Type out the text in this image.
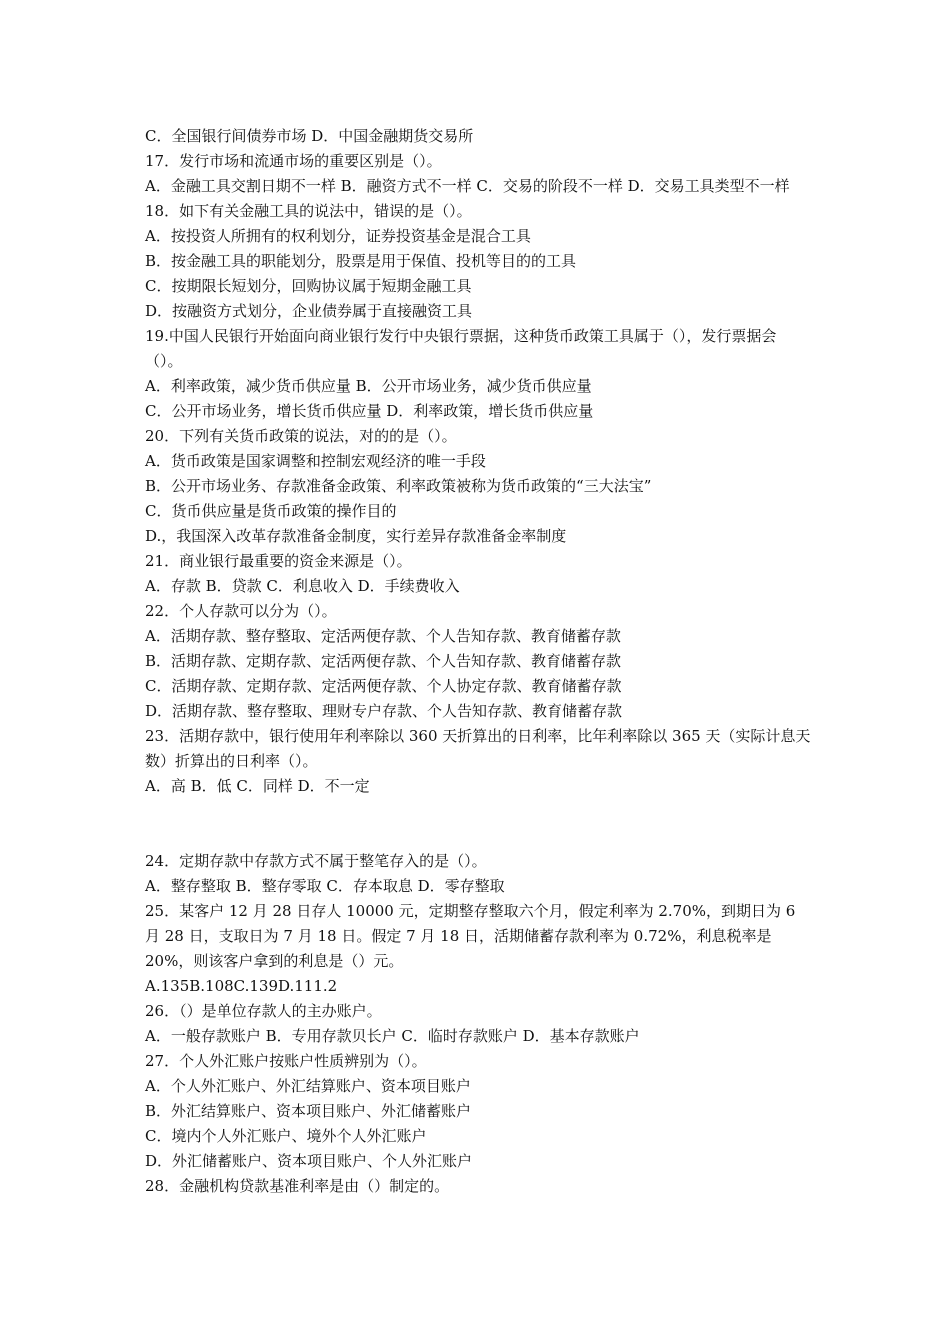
C．全国银行间债券市场 D．中国金融期货交易所
17．发行市场和流通市场的重要区别是（）。
A．金融工具交割日期不一样 B．融资方式不一样 C．交易的阶段不一样 D．交易工具类型不一样
18．如下有关金融工具的说法中，错误的是（）。
A．按投资人所拥有的权利划分，证券投资基金是混合工具
B．按金融工具的职能划分，股票是用于保值、投机等目的的工具
C．按期限长短划分，回购协议属于短期金融工具
D．按融资方式划分，企业债券属于直接融资工具
19.中国人民银行开始面向商业银行发行中央银行票据，这种货币政策工具属于（），发行票据会（）。
A．利率政策，减少货币供应量 B．公开市场业务，减少货币供应量
C．公开市场业务，增长货币供应量 D．利率政策，增长货币供应量
20．下列有关货币政策的说法，对的的是（）。
A．货币政策是国家调整和控制宏观经济的唯一手段
B．公开市场业务、存款准备金政策、利率政策被称为货币政策的“三大法宝”
C．货币供应量是货币政策的操作目的
D.，我国深入改革存款准备金制度，实行差异存款准备金率制度
21．商业银行最重要的资金来源是（）。
A．存款 B．贷款 C．利息收入 D．手续费收入
22．个人存款可以分为（）。
A．活期存款、整存整取、定活两便存款、个人告知存款、教育储蓄存款
B．活期存款、定期存款、定活两便存款、个人告知存款、教育储蓄存款
C．活期存款、定期存款、定活两便存款、个人协定存款、教育储蓄存款
D．活期存款、整存整取、理财专户存款、个人告知存款、教育储蓄存款
23．活期存款中，银行使用年利率除以 360 天折算出的日利率，比年利率除以 365 天（实际计息天数）折算出的日利率（）。
A．高 B．低 C．同样 D．不一定
24．定期存款中存款方式不属于整笔存入的是（）。
A．整存整取 B．整存零取 C．存本取息 D．零存整取
25．某客户 12 月 28 日存人 10000 元，定期整存整取六个月，假定利率为 2.70%，到期日为 6 月 28 日，支取日为 7 月 18 日。假定 7 月 18 日，活期储蓄存款利率为 0.72%，利息税率是 20%，则该客户拿到的利息是（）元。
A.135B.108C.139D.111.2
26．（）是单位存款人的主办账户。
A．一般存款账户 B．专用存款贝长户 C．临时存款账户 D．基本存款账户
27．个人外汇账户按账户性质辨别为（）。
A．个人外汇账户、外汇结算账户、资本项目账户
B．外汇结算账户、资本项目账户、外汇储蓄账户
C．境内个人外汇账户、境外个人外汇账户
D．外汇储蓄账户、资本项目账户、个人外汇账户
28．金融机构贷款基准利率是由（）制定的。
